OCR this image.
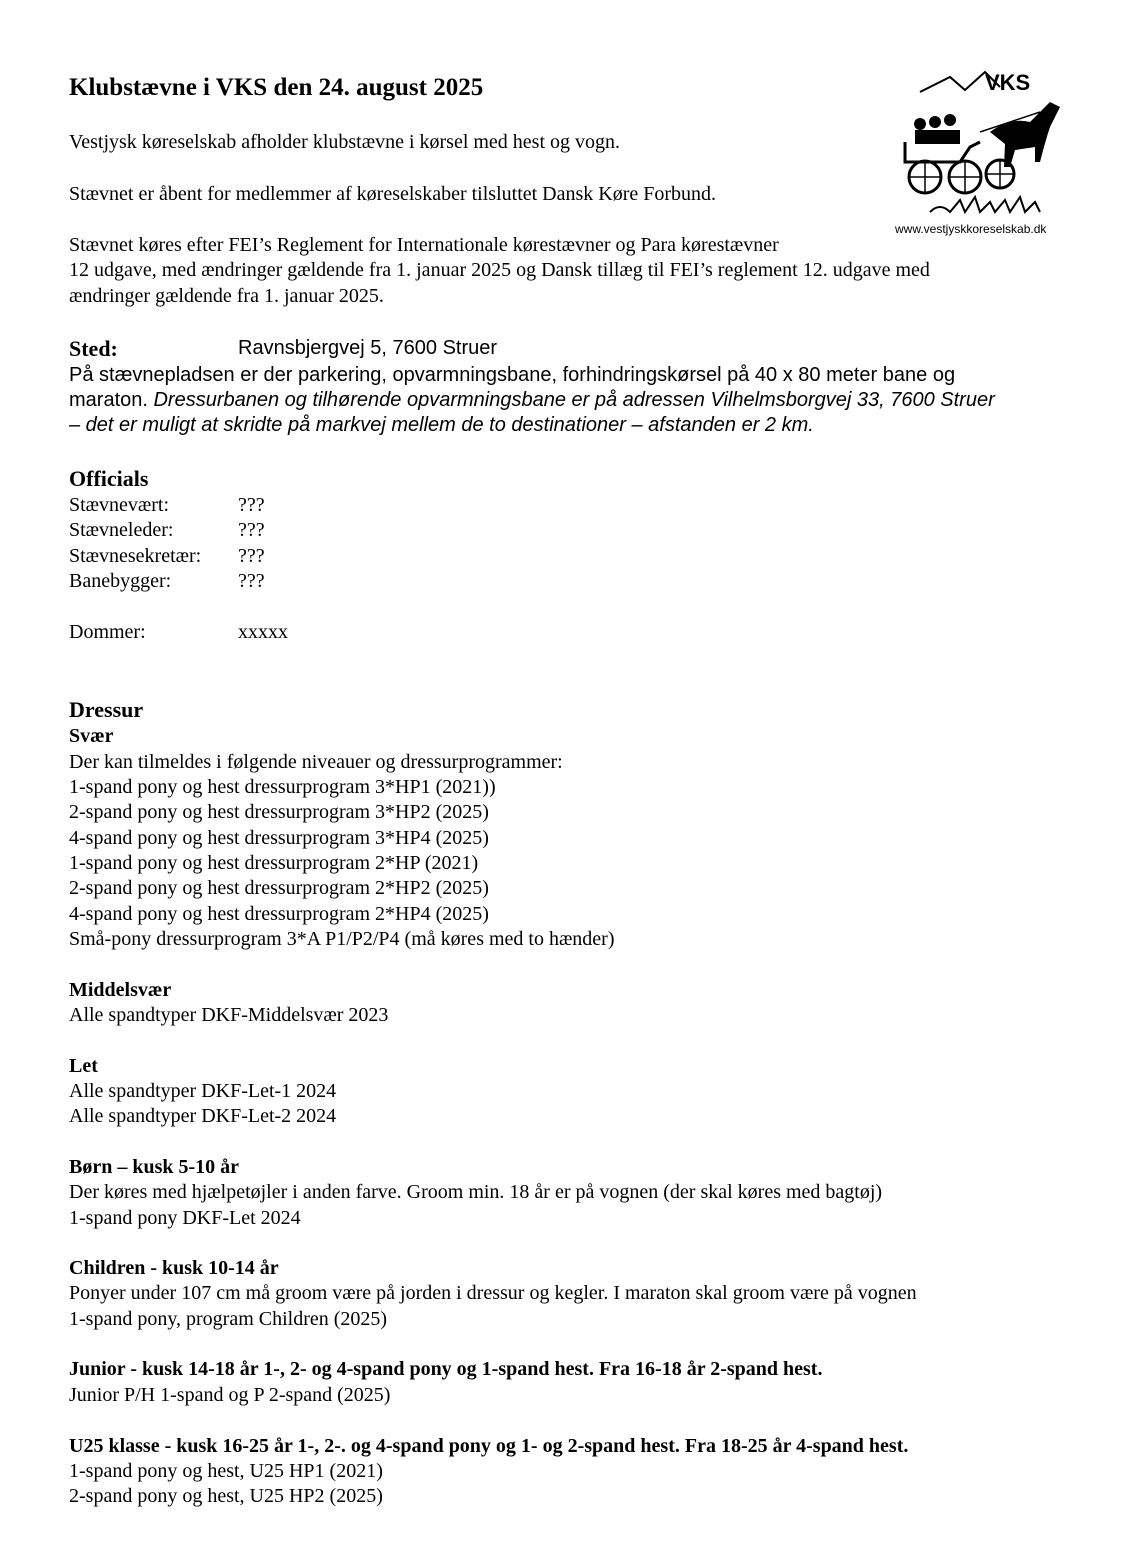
Klubstævne i VKS den 24. august 2025	VKS
www.vestjyskkoreselskab.dk
Vestjysk køreselskab afholder klubstævne i kørsel med hest og vogn.
Stævnet er åbent for medlemmer af køreselskaber tilsluttet Dansk Køre Forbund.
Stævnet køres efter FEI’s Reglement for Internationale kørestævner og Para kørestævner
12 udgave, med ændringer gældende fra 1. januar 2025 og Dansk tillæg til FEI’s reglement 12. udgave med
ændringer gældende fra 1. januar 2025.
Sted:	Ravnsbjergvej 5, 7600 Struer
På stævnepladsen er der parkering, opvarmningsbane, forhindringskørsel på 40 x 80 meter bane og
maraton. Dressurbanen og tilhørende opvarmningsbane er på adressen Vilhelmsborgvej 33, 7600 Struer
– det er muligt at skridte på markvej mellem de to destinationer – afstanden er 2 km.
Officials
Stævnevært:	???
Stævneleder:	???
Stævnesekretær: ???
Banebygger:	???
Dommer:	xxxxx
Dressur
Svær
Der kan tilmeldes i følgende niveauer og dressurprogrammer:
1-spand pony og hest dressurprogram 3*HP1 (2021))
2-spand pony og hest dressurprogram 3*HP2 (2025)
4-spand pony og hest dressurprogram 3*HP4 (2025)
1-spand pony og hest dressurprogram 2*HP (2021)
2-spand pony og hest dressurprogram 2*HP2 (2025)
4-spand pony og hest dressurprogram 2*HP4 (2025)
Små-pony dressurprogram 3*A P1/P2/P4 (må køres med to hænder)
Middelsvær
Alle spandtyper DKF-Middelsvær 2023
Let
Alle spandtyper DKF-Let-1 2024
Alle spandtyper DKF-Let-2 2024
Børn – kusk 5-10 år
Der køres med hjælpetøjler i anden farve. Groom min. 18 år er på vognen (der skal køres med bagtøj)
1-spand pony DKF-Let 2024
Children - kusk 10-14 år
Ponyer under 107 cm må groom være på jorden i dressur og kegler. I maraton skal groom være på vognen
1-spand pony, program Children (2025)
Junior - kusk 14-18 år 1-, 2- og 4-spand pony og 1-spand hest. Fra 16-18 år 2-spand hest.
Junior P/H 1-spand og P 2-spand (2025)
U25 klasse - kusk 16-25 år 1-, 2-. og 4-spand pony og 1- og 2-spand hest. Fra 18-25 år 4-spand hest.
1-spand pony og hest, U25 HP1 (2021)
2-spand pony og hest, U25 HP2 (2025)
